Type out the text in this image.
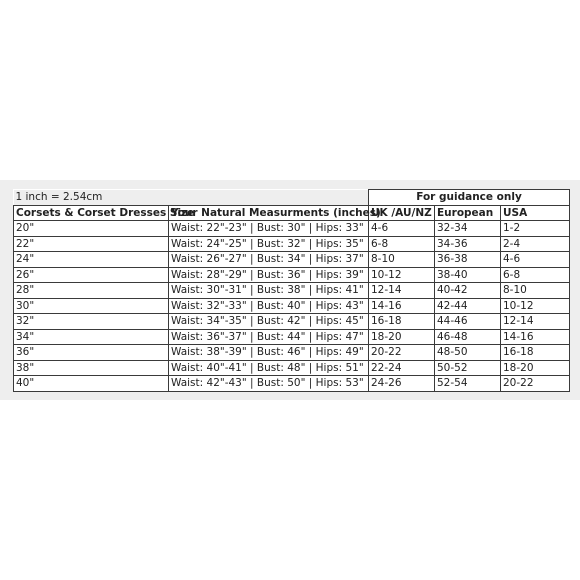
1 inch = 2.54cm		For guidance only		
Corsets & Corset Dresses Size	Your Natural Measurments (inches)	UK /AU/NZ	European	USA
20"	Waist: 22"-23" | Bust: 30" | Hips: 33"	4-6	32-34	1-2
22"	Waist: 24"-25" | Bust: 32" | Hips: 35"	6-8	34-36	2-4
24"	Waist: 26"-27" | Bust: 34" | Hips: 37"	8-10	36-38	4-6
26"	Waist: 28"-29" | Bust: 36" | Hips: 39"	10-12	38-40	6-8
28"	Waist: 30"-31" | Bust: 38" | Hips: 41"	12-14	40-42	8-10
30"	Waist: 32"-33" | Bust: 40" | Hips: 43"	14-16	42-44	10-12
32"	Waist: 34"-35" | Bust: 42" | Hips: 45"	16-18	44-46	12-14
34"	Waist: 36"-37" | Bust: 44" | Hips: 47"	18-20	46-48	14-16
36"	Waist: 38"-39" | Bust: 46" | Hips: 49"	20-22	48-50	16-18
38"	Waist: 40"-41" | Bust: 48" | Hips: 51"	22-24	50-52	18-20
40"	Waist: 42"-43" | Bust: 50" | Hips: 53"	24-26	52-54	20-22
